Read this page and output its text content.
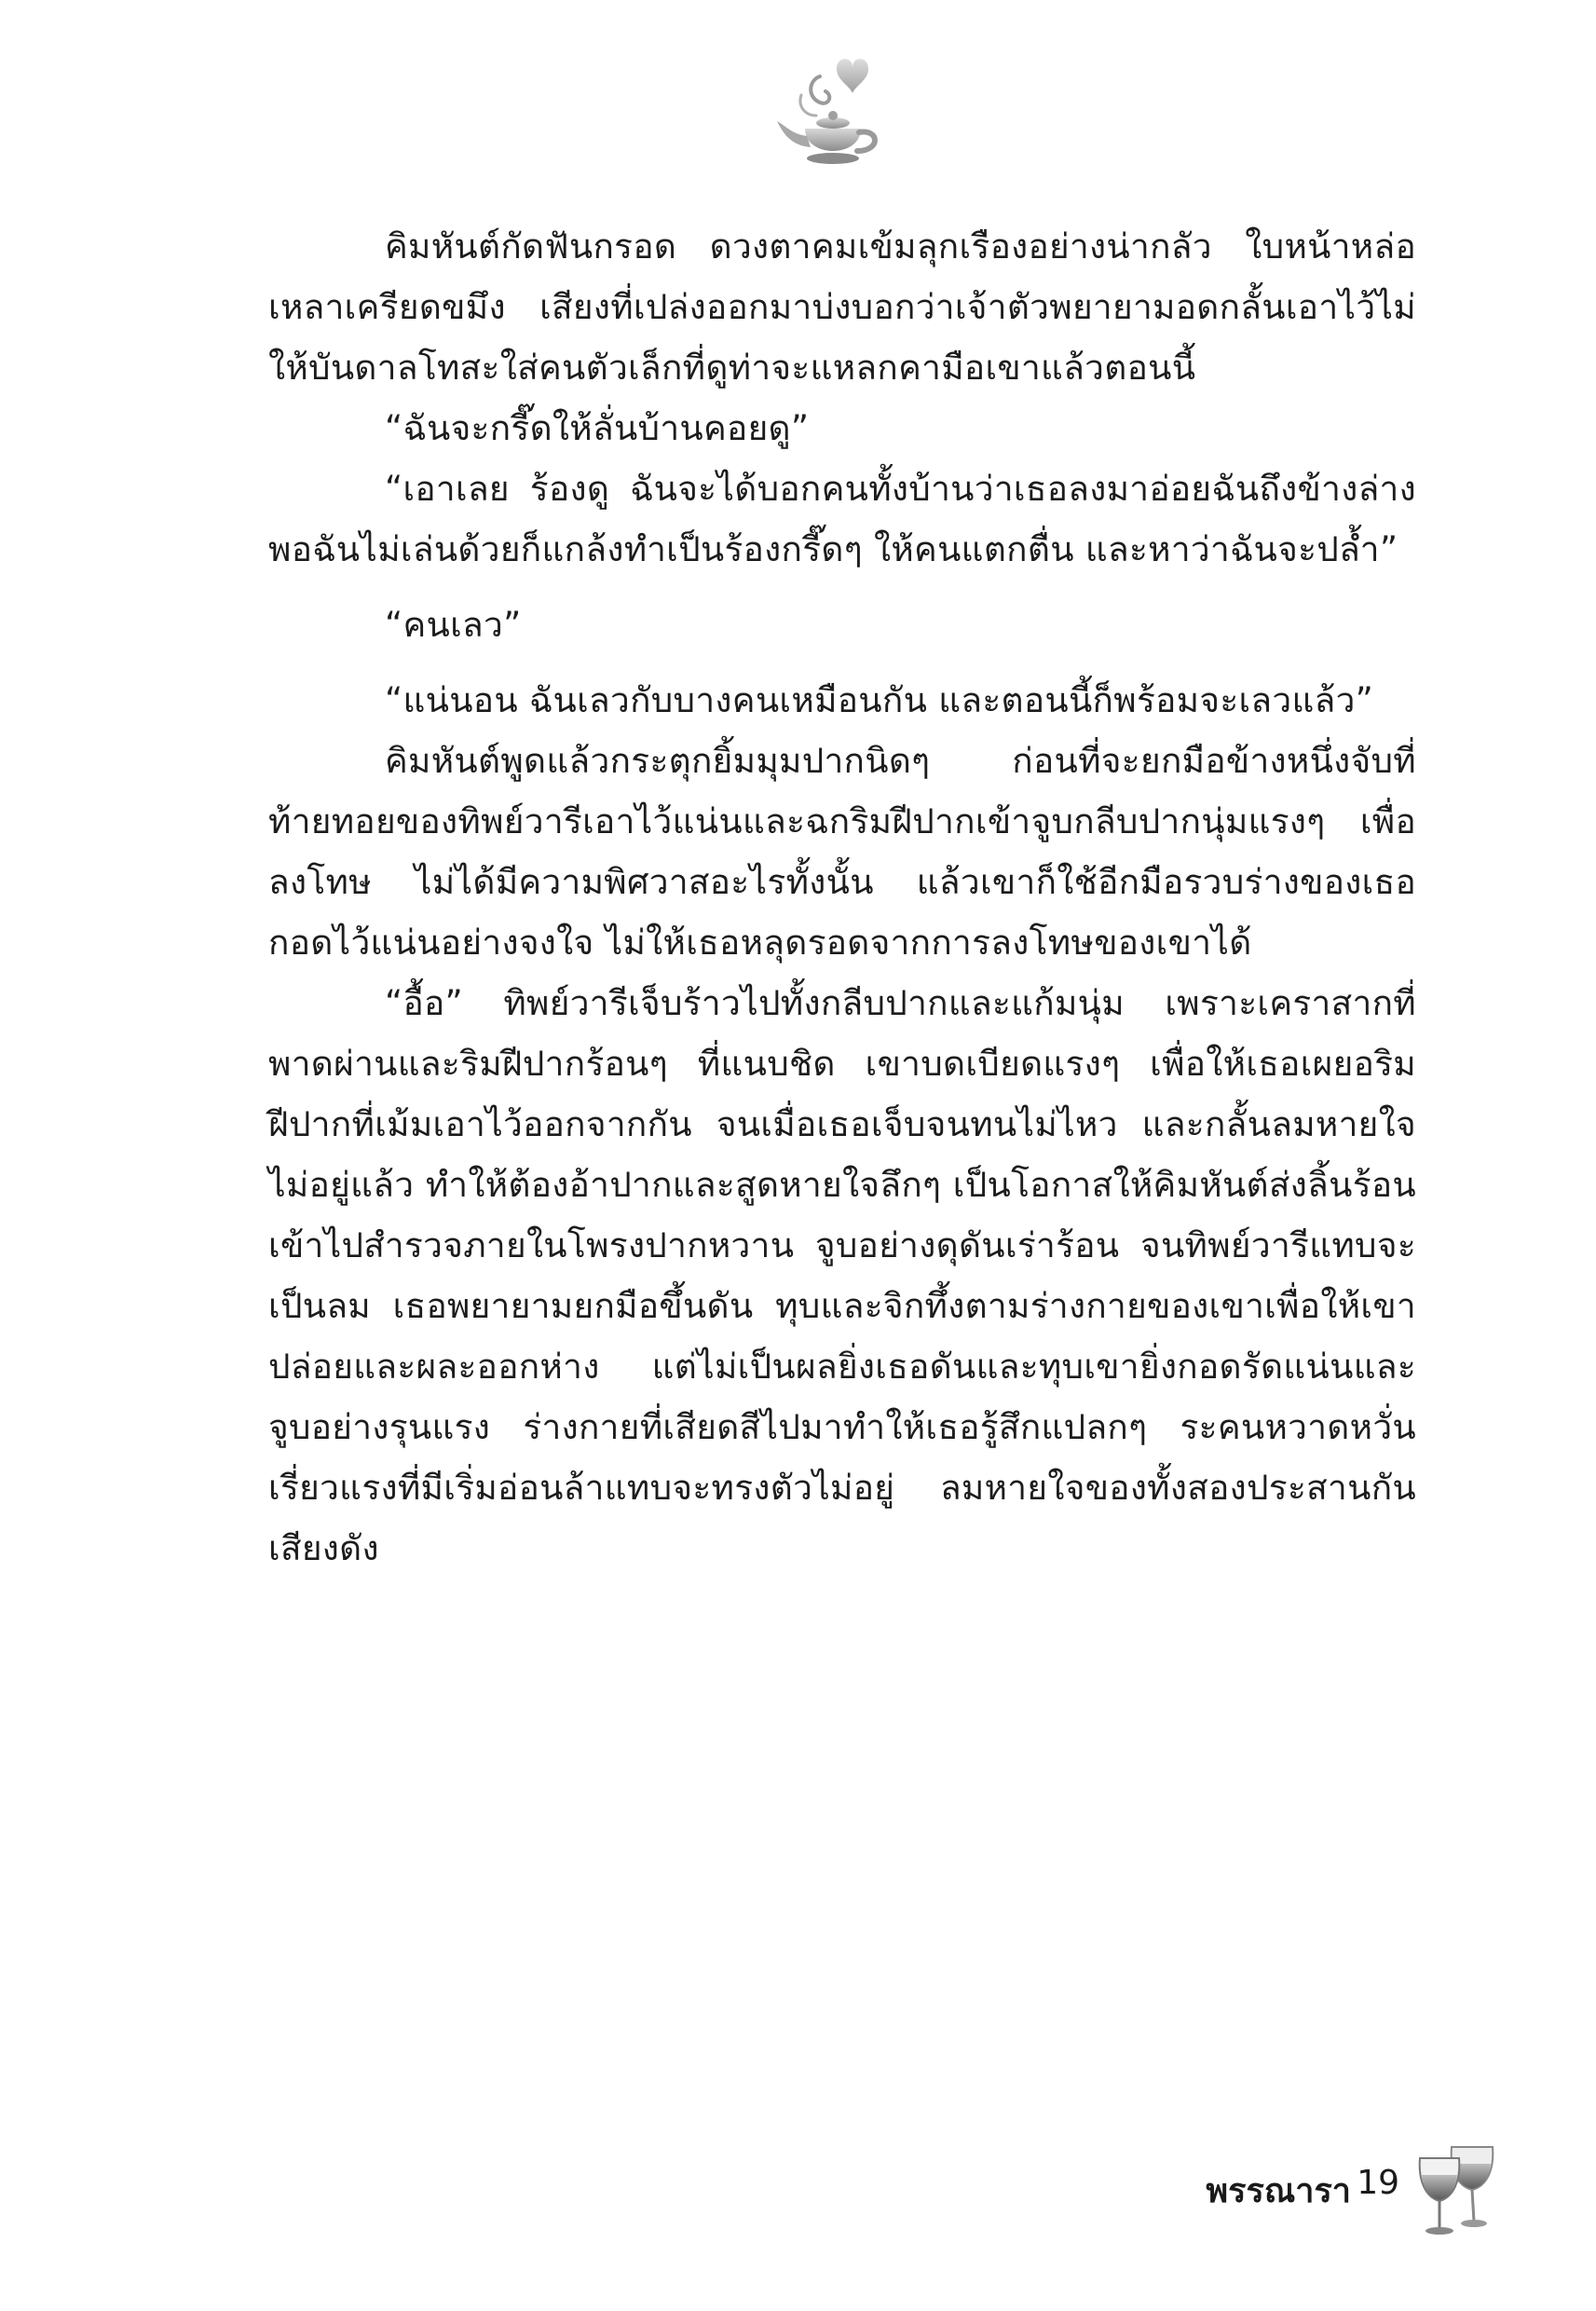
คิมหันต์กัดฟันกรอด ดวงตาคมเข้มลุกเรืองอย่างน่ากลัว ใบหน้าหล่อเหลาเครียดขมึง เสียงที่เปล่งออกมาบ่งบอกว่าเจ้าตัวพยายามอดกลั้นเอาไว้ไม่ให้บันดาลโทสะใส่คนตัวเล็กที่ดูท่าจะแหลกคามือเขาแล้วตอนนี้

“ฉันจะกรี๊ดให้ลั่นบ้านคอยดู”

“เอาเลย ร้องดู ฉันจะได้บอกคนทั้งบ้านว่าเธอลงมาอ่อยฉันถึงข้างล่าง พอฉันไม่เล่นด้วยก็แกล้งทำเป็นร้องกรี๊ดๆ ให้คนแตกตื่น และหาว่าฉันจะปล้ำ”

“คนเลว”

“แน่นอน ฉันเลวกับบางคนเหมือนกัน และตอนนี้ก็พร้อมจะเลวแล้ว”

คิมหันต์พูดแล้วกระตุกยิ้มมุมปากนิดๆ ก่อนที่จะยกมือข้างหนึ่งจับที่ท้ายทอยของทิพย์วารีเอาไว้แน่นและฉกริมฝีปากเข้าจูบกลีบปากนุ่มแรงๆ เพื่อลงโทษ ไม่ได้มีความพิศวาสอะไรทั้งนั้น แล้วเขาก็ใช้อีกมือรวบร่างของเธอกอดไว้แน่นอย่างจงใจ ไม่ให้เธอหลุดรอดจากการลงโทษของเขาได้

“อื้อ” ทิพย์วารีเจ็บร้าวไปทั้งกลีบปากและแก้มนุ่ม เพราะเคราสากที่พาดผ่านและริมฝีปากร้อนๆ ที่แนบชิด เขาบดเบียดแรงๆ เพื่อให้เธอเผยอริมฝีปากที่เม้มเอาไว้ออกจากกัน จนเมื่อเธอเจ็บจนทนไม่ไหว และกลั้นลมหายใจไม่อยู่แล้ว ทำให้ต้องอ้าปากและสูดหายใจลึกๆ เป็นโอกาสให้คิมหันต์ส่งลิ้นร้อนเข้าไปสำรวจภายในโพรงปากหวาน จูบอย่างดุดันเร่าร้อน จนทิพย์วารีแทบจะเป็นลม เธอพยายามยกมือขึ้นดัน ทุบและจิกทึ้งตามร่างกายของเขาเพื่อให้เขาปล่อยและผละออกห่าง แต่ไม่เป็นผลยิ่งเธอดันและทุบเขายิ่งกอดรัดแน่นและจูบอย่างรุนแรง ร่างกายที่เสียดสีไปมาทำให้เธอรู้สึกแปลกๆ ระคนหวาดหวั่น เรี่ยวแรงที่มีเริ่มอ่อนล้าแทบจะทรงตัวไม่อยู่ ลมหายใจของทั้งสองประสานกันเสียงดัง

พรรณารา 19
